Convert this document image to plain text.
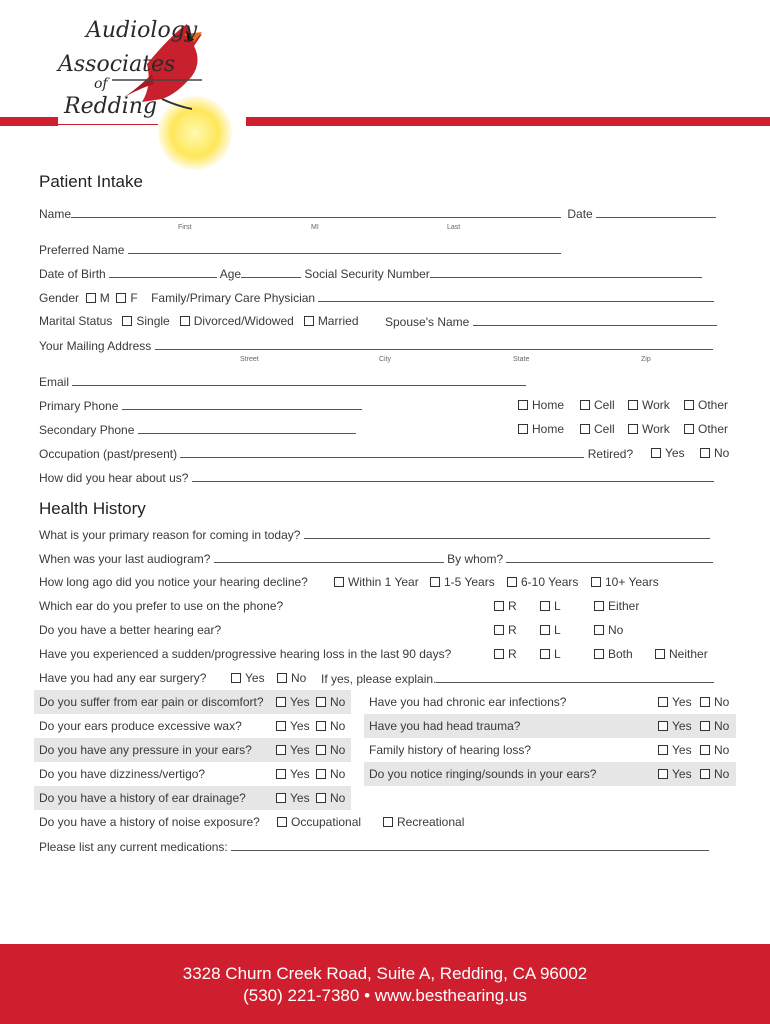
Audiology
Associates
of
Redding
Patient Intake
Name	Date
First	MI	Last
Preferred Name
Date of Birth	Age	Social Security Number
Gender M F Family/Primary Care Physician
Marital Status Single Divorced/Widowed Married Spouse's Name
Your Mailing Address
Street	City	State	Zip
Email
Primary Phone	Home	Cell	Work	Other
Secondary Phone	Home	Cell	Work	Other
Occupation (past/present)	Retired?	Yes	No
How did you hear about us?
Health History
What is your primary reason for coming in today?
When was your last audiogram?	By whom?
How long ago did you notice your hearing decline?	Within 1 Year	1-5 Years	6-10 Years	10+ Years
Which ear do you prefer to use on the phone?	R	L	Either
Do you have a better hearing ear?	R	L	No
Have you experienced a sudden/progressive hearing loss in the last 90 days?	R	L	Both	Neither
Have you had any ear surgery?	Yes	No If yes, please explain.
Do you suffer from ear pain or discomfort?	Yes	No
Do your ears produce excessive wax?	Yes	No
Do you have any pressure in your ears?	Yes	No
Do you have dizziness/vertigo?	Yes	No
Do you have a history of ear drainage?	Yes	No
Have you had chronic ear infections?	Yes	No
Have you had head trauma?	Yes	No
Family history of hearing loss?	Yes	No
Do you notice ringing/sounds in your ears?	Yes	No
Do you have a history of noise exposure?	Occupational	Recreational
Please list any current medications:
3328 Churn Creek Road, Suite A, Redding, CA 96002
(530) 221-7380 • www.besthearing.us
